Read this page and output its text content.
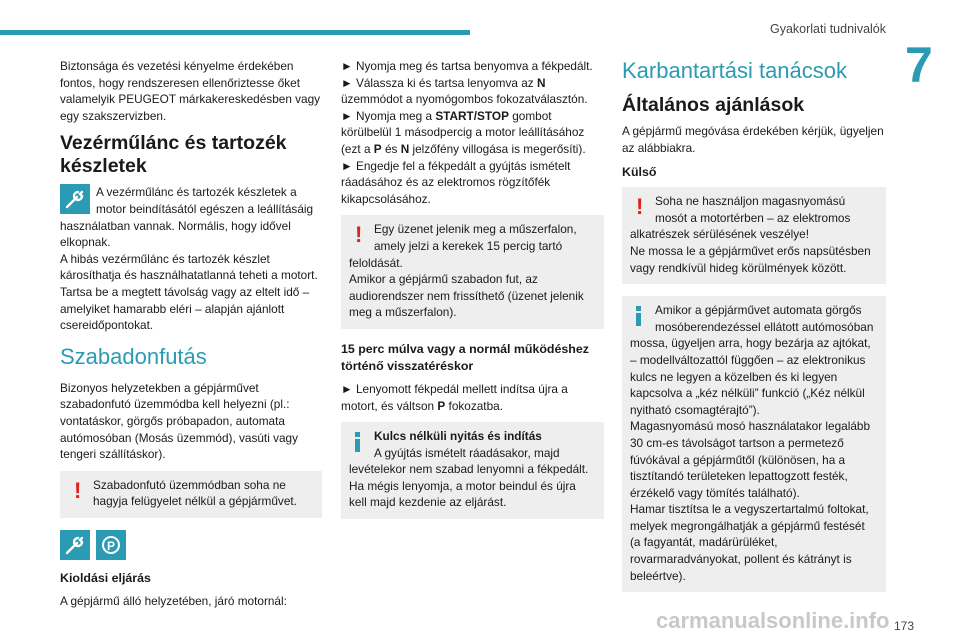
Gyakorlati tudnivalók
7

Biztonsága és vezetési kényelme érdekében fontos, hogy rendszeresen ellenőriztesse őket valamelyik PEUGEOT márkakereskedésben vagy egy szakszervizben.

Vezérműlánc és tartozék készletek
A vezérműlánc és tartozék készletek a motor beindításától egészen a leállításáig használatban vannak. Normális, hogy idővel elkopnak.

A hibás vezérműlánc és tartozék készlet károsíthatja és használhatatlanná teheti a motort. Tartsa be a megtett távolság vagy az eltelt idő – amelyiket hamarabb eléri – alapján ajánlott csereidőpontokat.

Szabadonfutás

Bizonyos helyzetekben a gépjárművet szabadonfutó üzemmódba kell helyezni (pl.: vontatáskor, görgős próbapadon, automata autómosóban (Mosás üzemmód), vasúti vagy tengeri szállításkor).

! Szabadonfutó üzemmódban soha ne hagyja felügyelet nélkül a gépjárművet.
P
Kioldási eljárás

A gépjármű álló helyzetében, járó motornál:

► Nyomja meg és tartsa benyomva a fékpedált.

► Válassza ki és tartsa lenyomva az N üzemmódot a nyomógombos fokozatválasztón.

► Nyomja meg a START/STOP gombot körülbelül 1 másodpercig a motor leállításához (ezt a P és N jelzőfény villogása is megerősíti).

► Engedje fel a fékpedált a gyújtás ismételt ráadásához és az elektromos rögzítőfék kikapcsolásához.

! Egy üzenet jelenik meg a műszerfalon, amely jelzi a kerekek 15 percig tartó feloldását.
Amikor a gépjármű szabadon fut, az audiorendszer nem frissíthető (üzenet jelenik meg a műszerfalon).
15 perc múlva vagy a normál működéshez történő visszatéréskor

► Lenyomott fékpedál mellett indítsa újra a motort, és váltson P fokozatba.

Kulcs nélküli nyitás és indítás
A gyújtás ismételt ráadásakor, majd levételekor nem szabad lenyomni a fékpedált. Ha mégis lenyomja, a motor beindul és újra kell majd kezdenie az eljárást.
Karbantartási tanácsok
Általános ajánlások

A gépjármű megóvása érdekében kérjük, ügyeljen az alábbiakra.

Külső
! Soha ne használjon magasnyomású mosót a motortérben – az elektromos alkatrészek sérülésének veszélye!
Ne mossa le a gépjárművet erős napsütésben vagy rendkívül hideg körülmények között.
Amikor a gépjárművet automata görgős mosóberendezéssel ellátott autómosóban mossa, ügyeljen arra, hogy bezárja az ajtókat, – modellváltozattól függően – az elektronikus kulcs ne legyen a közelben és ki legyen kapcsolva a „kéz nélküli” funkció („Kéz nélkül nyitható csomagtérajtó”).
Magasnyomású mosó használatakor legalább 30 cm-es távolságot tartson a permetező fúvókával a gépjárműtől (különösen, ha a tisztítandó területeken lepattogzott festék, érzékelő vagy tömítés található).
Hamar tisztítsa le a vegyszertartalmú foltokat, melyek megrongálhatják a gépjármű festését (a fagyantát, madárürüléket, rovarmaradványokat, pollent és kátrányt is beleértve).
carmanualsonline.info 173
